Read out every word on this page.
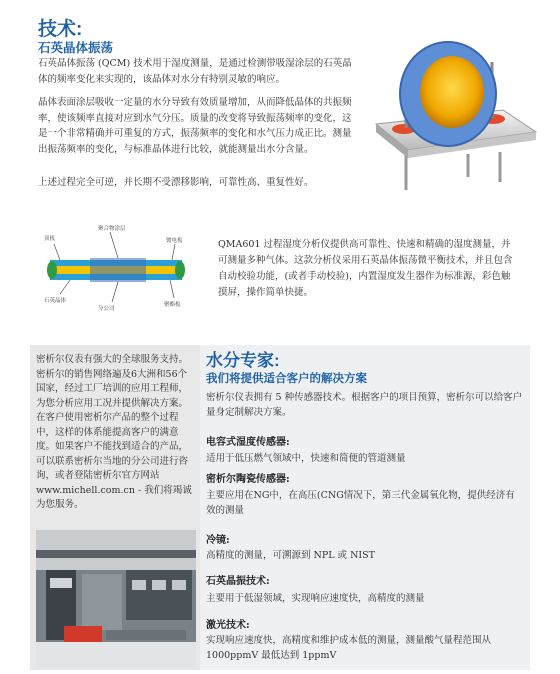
技术:
石英晶体振荡
石英晶体振荡 (QCM) 技术用于湿度测量，是通过检测带吸湿涂层的石英晶体的频率变化来实现的，该晶体对水分有特别灵敏的响应。
晶体表面涂层吸收一定量的水分导致有效质量增加，从而降低晶体的共振频率，使该频率直接对应到水气分压。质量的改变将导致振荡频率的变化，这是一个非常精确并可重复的方式，振荡频率的变化和水气压力成正比。测量出振荡频率的变化，与标准晶体进行比较，就能测量出水分含量。
上述过程完全可逆，并长期不受漂移影响，可靠性高、重复性好。
顶板
聚合物涂层
镀电板
石英晶体
分公司
聚酯板
QMA601 过程湿度分析仪提供高可靠性、快速和精确的湿度测量，并可测量多种气体。这款分析仪采用石英晶体振荡微平衡技术，并且包含自动校验功能，(或者手动校验)，内置湿度发生器作为标准源，彩色触摸屏，操作简单快捷。
密析尔仪表有强大的全球服务支持。密析尔的销售网络遍及6大洲和56个国家，经过工厂培训的应用工程师，为您分析应用工况并提供解决方案。在客户使用密析尔产品的整个过程中，这样的体系能提高客户的满意度。如果客户不能找到适合的产品，可以联系密析尔当地的分公司进行咨询，或者登陆密析尔官方网站www.michell.com.cn - 我们将竭诚为您服务。
水分专家:
我们将提供适合客户的解决方案
密析尔仪表拥有 5 种传感器技术。根据客户的项目预算，密析尔可以给客户量身定制解决方案。
电容式湿度传感器:
适用于低压燃气领域中，快速和简便的管道测量
密析尔陶瓷传感器:
主要应用在NG中，在高压(CNG情况下，第三代金属氧化物，提供经济有效的测量
冷镜:
高精度的测量，可溯源到 NPL 或 NIST
石英晶振技术:
主要用于低湿领域，实现响应速度快，高精度的测量
激光技术:
实现响应速度快，高精度和维护成本低的测量，测量酸气量程范围从 1000ppmV 最低达到 1ppmV
